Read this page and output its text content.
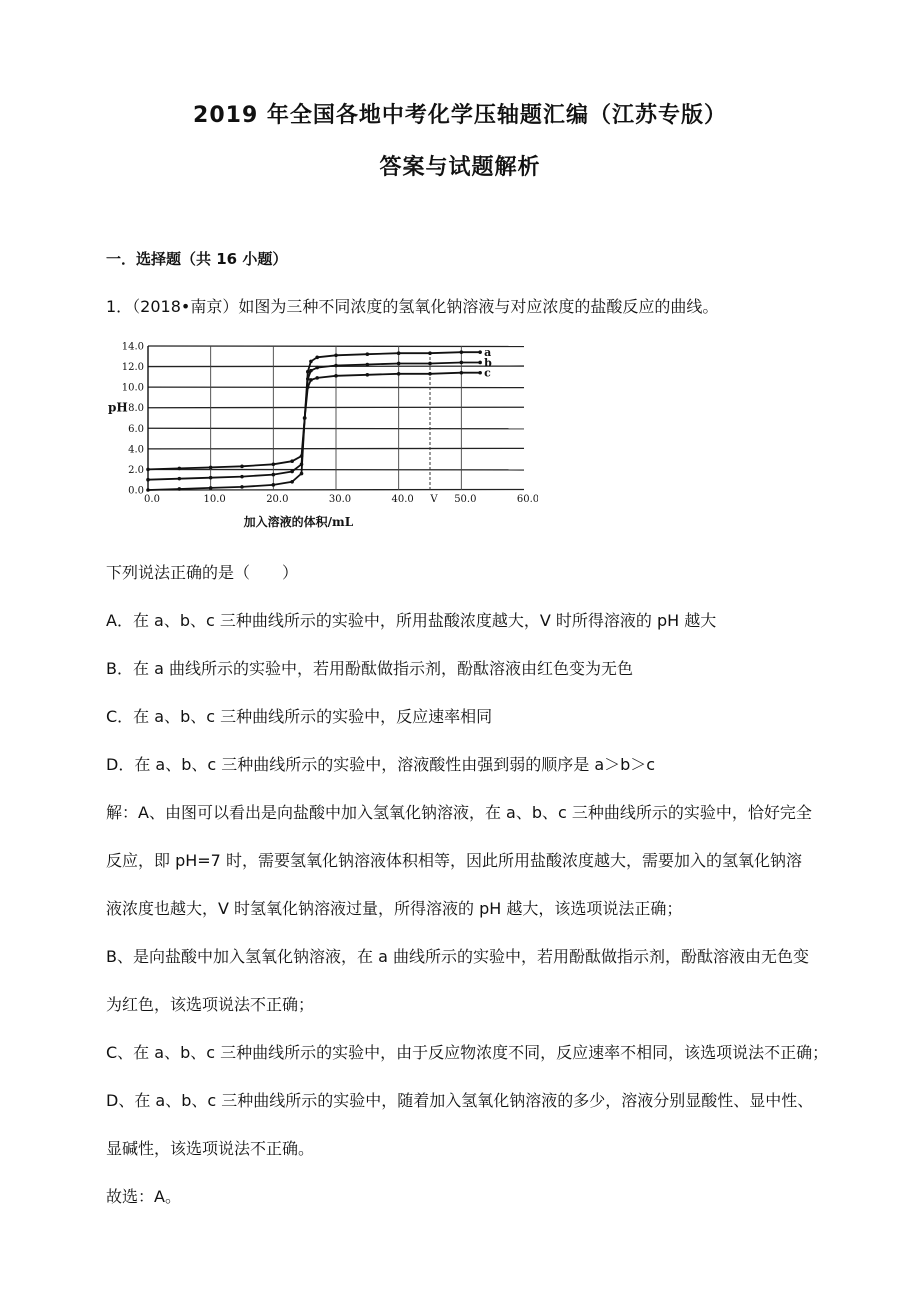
2019 年全国各地中考化学压轴题汇编（江苏专版）
答案与试题解析
一．选择题（共 16 小题）
1．（2018•南京）如图为三种不同浓度的氢氧化钠溶液与对应浓度的盐酸反应的曲线。
0.0
2.0
4.0
6.0
8.0
10.0
12.0
14.0
0.0	10.0	20.0	30.0	40.0 V 50.0	60.0
pH
加入溶液的体积/mL
a
b
c
下列说法正确的是（　　）
A．在 a、b、c 三种曲线所示的实验中，所用盐酸浓度越大，V 时所得溶液的 pH 越大
B．在 a 曲线所示的实验中，若用酚酞做指示剂，酚酞溶液由红色变为无色
C．在 a、b、c 三种曲线所示的实验中，反应速率相同
D．在 a、b、c 三种曲线所示的实验中，溶液酸性由强到弱的顺序是 a＞b＞c
解：A、由图可以看出是向盐酸中加入氢氧化钠溶液，在 a、b、c 三种曲线所示的实验中，恰好完全
反应，即 pH=7 时，需要氢氧化钠溶液体积相等，因此所用盐酸浓度越大，需要加入的氢氧化钠溶
液浓度也越大，V 时氢氧化钠溶液过量，所得溶液的 pH 越大，该选项说法正确；
B、是向盐酸中加入氢氧化钠溶液，在 a 曲线所示的实验中，若用酚酞做指示剂，酚酞溶液由无色变
为红色，该选项说法不正确；
C、在 a、b、c 三种曲线所示的实验中，由于反应物浓度不同，反应速率不相同，该选项说法不正确；
D、在 a、b、c 三种曲线所示的实验中，随着加入氢氧化钠溶液的多少，溶液分别显酸性、显中性、
显碱性，该选项说法不正确。
故选：A。
